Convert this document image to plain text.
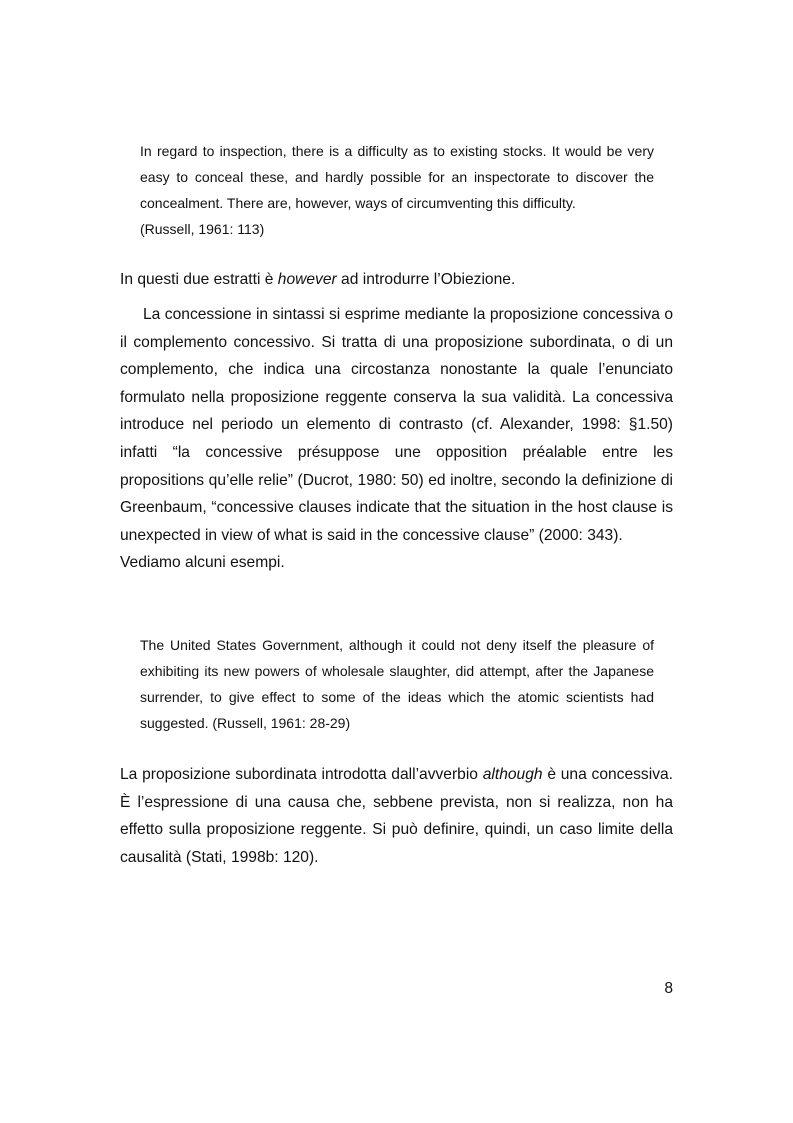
In regard to inspection, there is a difficulty as to existing stocks. It would be very easy to conceal these, and hardly possible for an inspectorate to discover the concealment. There are, however, ways of circumventing this difficulty.

(Russell, 1961: 113)

In questi due estratti è however ad introdurre l’Obiezione.

La concessione in sintassi si esprime mediante la proposizione concessiva o il complemento concessivo. Si tratta di una proposizione subordinata, o di un complemento, che indica una circostanza nonostante la quale l’enunciato formulato nella proposizione reggente conserva la sua validità. La concessiva introduce nel periodo un elemento di contrasto (cf. Alexander, 1998: §1.50) infatti “la concessive présuppose une opposition préalable entre les propositions qu’elle relie” (Ducrot, 1980: 50) ed inoltre, secondo la definizione di Greenbaum, “concessive clauses indicate that the situation in the host clause is unexpected in view of what is said in the concessive clause” (2000: 343).

Vediamo alcuni esempi.

The United States Government, although it could not deny itself the pleasure of exhibiting its new powers of wholesale slaughter, did attempt, after the Japanese surrender, to give effect to some of the ideas which the atomic scientists had suggested. (Russell, 1961: 28-29)

La proposizione subordinata introdotta dall’avverbio although è una concessiva. È l’espressione di una causa che, sebbene prevista, non si realizza, non ha effetto sulla proposizione reggente. Si può definire, quindi, un caso limite della causalità (Stati, 1998b: 120).

8
